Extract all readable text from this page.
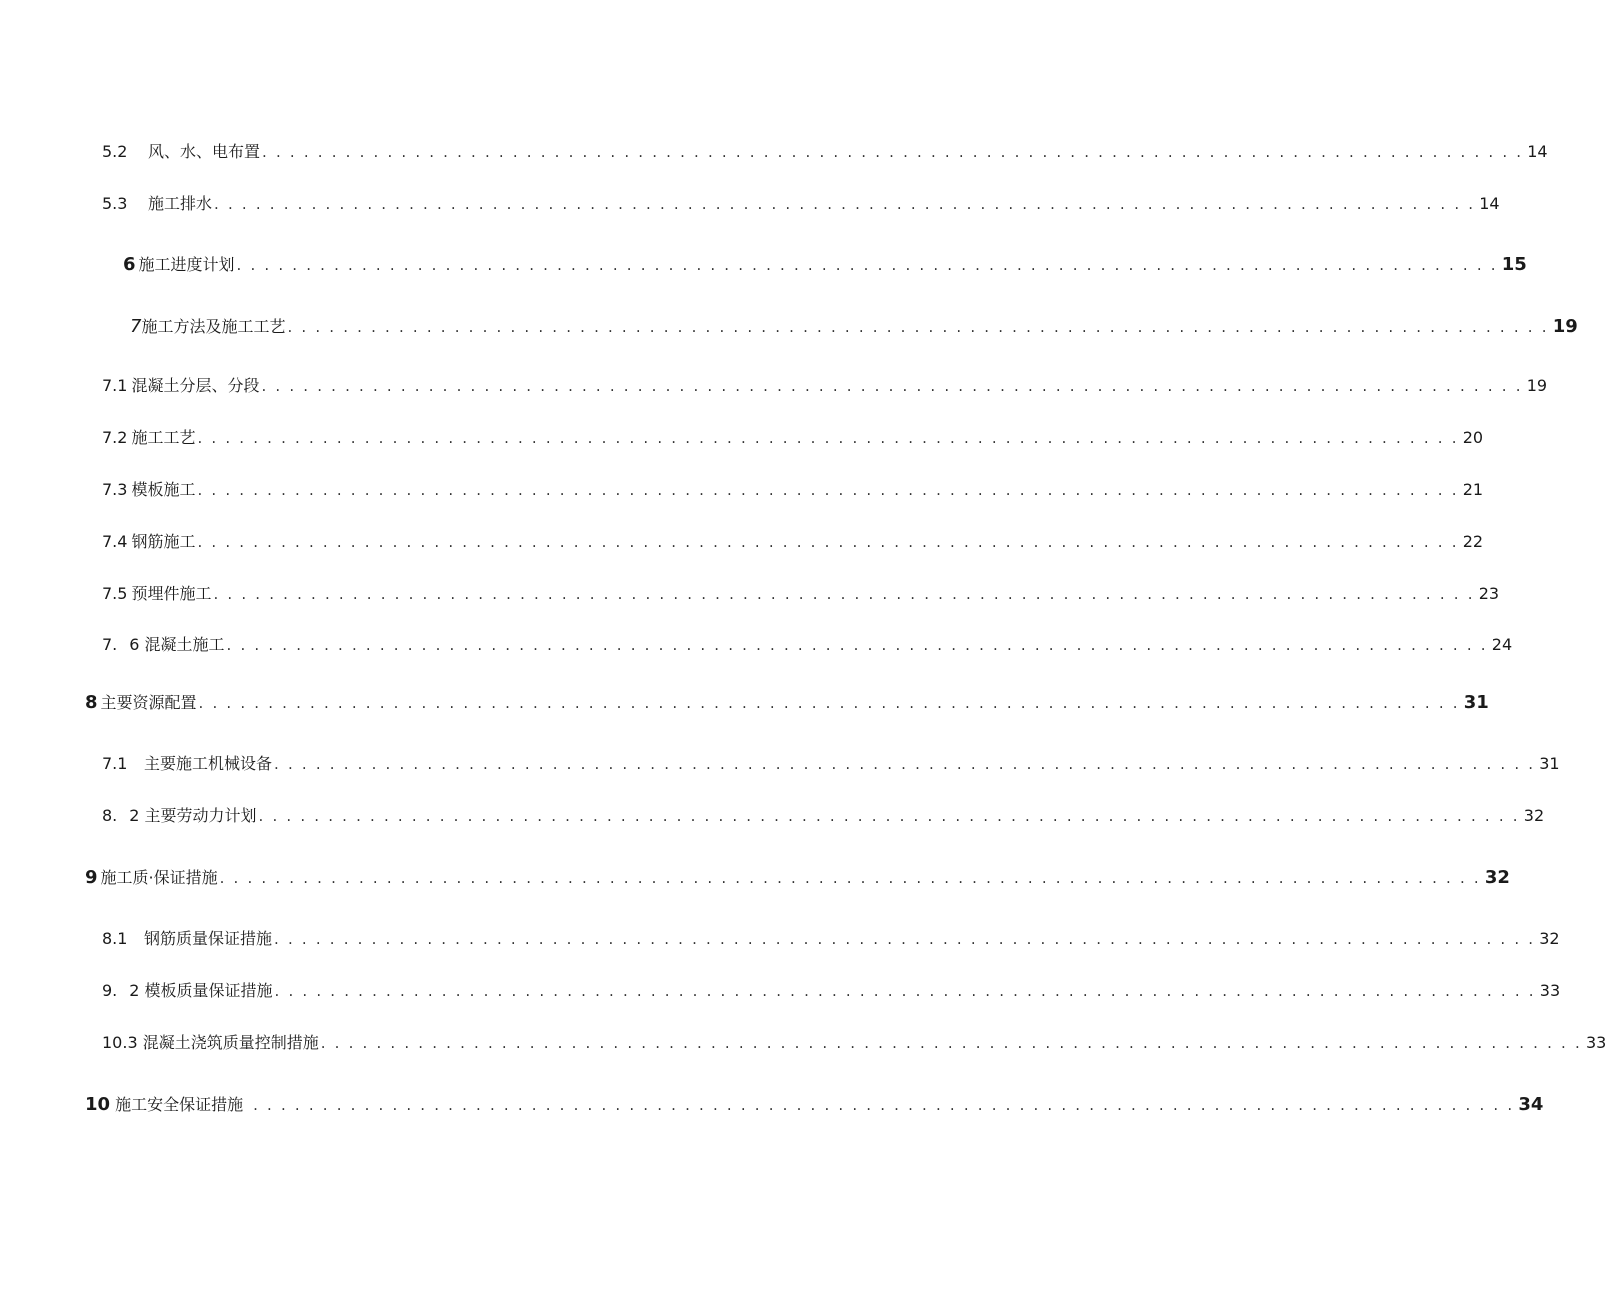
5.2	风、水、电布置 . . . . . . . . . . . . . . . . . . . . . . . . . . . . . . . . . . . . . . . . . . . . . . . . . . . . . . . . . . . . . . . . . . . . . . . . . . . . . . . . . . . . . . . . . . . 14
5.3	施工排水 . . . . . . . . . . . . . . . . . . . . . . . . . . . . . . . . . . . . . . . . . . . . . . . . . . . . . . . . . . . . . . . . . . . . . . . . . . . . . . . . . . . . . . . . . . . 14
6 施工进度计划 . . . . . . . . . . . . . . . . . . . . . . . . . . . . . . . . . . . . . . . . . . . . . . . . . . . . . . . . . . . . . . . . . . . . . . . . . . . . . . . . . . . . . . . . . . . 15
7 施工方法及施工工艺 . . . . . . . . . . . . . . . . . . . . . . . . . . . . . . . . . . . . . . . . . . . . . . . . . . . . . . . . . . . . . . . . . . . . . . . . . . . . . . . . . . . . . . . . . . . 19
7.1 混凝土分层、分段 . . . . . . . . . . . . . . . . . . . . . . . . . . . . . . . . . . . . . . . . . . . . . . . . . . . . . . . . . . . . . . . . . . . . . . . . . . . . . . . . . . . . . . . . . . . 19
7.2 施工工艺 . . . . . . . . . . . . . . . . . . . . . . . . . . . . . . . . . . . . . . . . . . . . . . . . . . . . . . . . . . . . . . . . . . . . . . . . . . . . . . . . . . . . . . . . . . . 20
7.3 模板施工 . . . . . . . . . . . . . . . . . . . . . . . . . . . . . . . . . . . . . . . . . . . . . . . . . . . . . . . . . . . . . . . . . . . . . . . . . . . . . . . . . . . . . . . . . . . 21
7.4 钢筋施工 . . . . . . . . . . . . . . . . . . . . . . . . . . . . . . . . . . . . . . . . . . . . . . . . . . . . . . . . . . . . . . . . . . . . . . . . . . . . . . . . . . . . . . . . . . . 22
7.5 预埋件施工 . . . . . . . . . . . . . . . . . . . . . . . . . . . . . . . . . . . . . . . . . . . . . . . . . . . . . . . . . . . . . . . . . . . . . . . . . . . . . . . . . . . . . . . . . . . 23
7. 6 混凝土施工 . . . . . . . . . . . . . . . . . . . . . . . . . . . . . . . . . . . . . . . . . . . . . . . . . . . . . . . . . . . . . . . . . . . . . . . . . . . . . . . . . . . . . . . . . . . 24
8 主要资源配置 . . . . . . . . . . . . . . . . . . . . . . . . . . . . . . . . . . . . . . . . . . . . . . . . . . . . . . . . . . . . . . . . . . . . . . . . . . . . . . . . . . . . . . . . . . . 31
7.1	主要施工机械设备 . . . . . . . . . . . . . . . . . . . . . . . . . . . . . . . . . . . . . . . . . . . . . . . . . . . . . . . . . . . . . . . . . . . . . . . . . . . . . . . . . . . . . . . . . . . 31
8. 2 主要劳动力计划 . . . . . . . . . . . . . . . . . . . . . . . . . . . . . . . . . . . . . . . . . . . . . . . . . . . . . . . . . . . . . . . . . . . . . . . . . . . . . . . . . . . . . . . . . . . 32
9 施工质·保证措施 . . . . . . . . . . . . . . . . . . . . . . . . . . . . . . . . . . . . . . . . . . . . . . . . . . . . . . . . . . . . . . . . . . . . . . . . . . . . . . . . . . . . . . . . . . . 32
8.1	钢筋质量保证措施 . . . . . . . . . . . . . . . . . . . . . . . . . . . . . . . . . . . . . . . . . . . . . . . . . . . . . . . . . . . . . . . . . . . . . . . . . . . . . . . . . . . . . . . . . . . 32
9. 2 模板质量保证措施 . . . . . . . . . . . . . . . . . . . . . . . . . . . . . . . . . . . . . . . . . . . . . . . . . . . . . . . . . . . . . . . . . . . . . . . . . . . . . . . . . . . . . . . . . . . 33
10. 3 混凝土浇筑质量控制措施 . . . . . . . . . . . . . . . . . . . . . . . . . . . . . . . . . . . . . . . . . . . . . . . . . . . . . . . . . . . . . . . . . . . . . . . . . . . . . . . . . . . . . . . . . . . 33
10 施工安全保证措施 . . . . . . . . . . . . . . . . . . . . . . . . . . . . . . . . . . . . . . . . . . . . . . . . . . . . . . . . . . . . . . . . . . . . . . . . . . . . . . . . . . . . . . . . . . . 34
